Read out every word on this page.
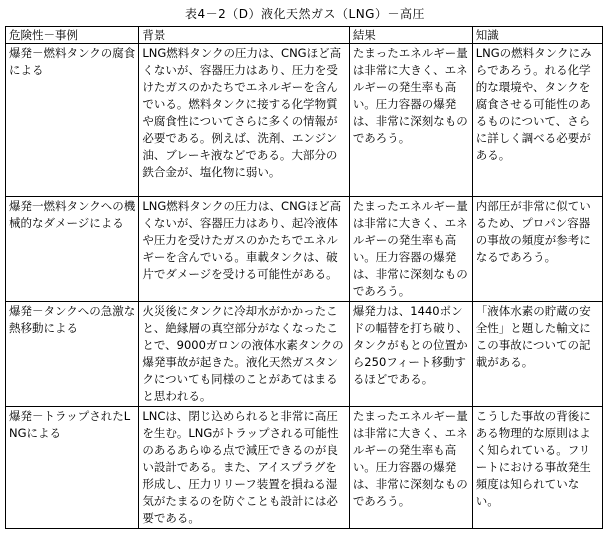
表4－2（D）液化天然ガス（LNG）－高圧
危険性－事例	背景	結果	知識
爆発－燃料タンクの腐食による	LNG燃料タンクの圧力は、CNGほど高くないが、容器圧力はあり、圧力を受けたガスのかたちでエネルギーを含んでいる。燃料タンクに接する化学物質や腐食性についてさらに多くの情報が必要である。例えば、洗剤、エンジン油、ブレーキ液などである。大部分の鉄合金が、塩化物に弱い。	たまったエネルギー量は非常に大きく、エネルギーの発生率も高い。圧力容器の爆発は、非常に深刻なものであろう。	LNGの燃料タンクにみらであろう。れる化学的な環境や、タンクを腐食させる可能性のあるものについて、さらに詳しく調べる必要がある。
爆発一燃料タンクへの機械的なダメージによる	LNG燃料タンクの圧力は、CNGほど高くないが、容器圧力はあり、起冷液体や圧力を受けたガスのかたちでエネルギーを含んでいる。車載タンクは、破片でダメージを受ける可能性がある。	たまったエネルギー量は非常に大きく、エネルギーの発生率も高い。圧力容器の爆発は、非常に深刻なものであろう。	内部圧が非常に似ているため、プロパン容器の事故の頻度が参考になるであろう。
爆発－タンクへの急激な熱移動による	火災後にタンクに冷却水がかかったこと、絶縁層の真空部分がなくなったことで、9000ガロンの液体水素タンクの爆発事故が起きた。液化天然ガスタンクについても同様のことがあてはまると思われる。	爆発力は、1440ポンドの幅替を打ち破り、タンクがもとの位置から250フィート移動するほどである。	「液体水素の貯蔵の安全性」と題した輸文にこの事故についての記載がある。
爆発－トラップされたLNGによる	LNCは、閉じ込められると非常に高圧を生む。LNGがトラップされる可能性のあるあらゆる点で減圧できるのが良い設計である。また、アイスプラグを形成し、圧力リリーフ装置を損ねる湿気がたまるのを防ぐことも設計には必要である。	たまったエネルギー量は非常に大きく、エネルギーの発生率も高い。圧力容器の爆発は、非常に深刻なものであろう。	こうした事故の背後にある物理的な原則はよく知られている。フリートにおける事故発生頻度は知られていない。
